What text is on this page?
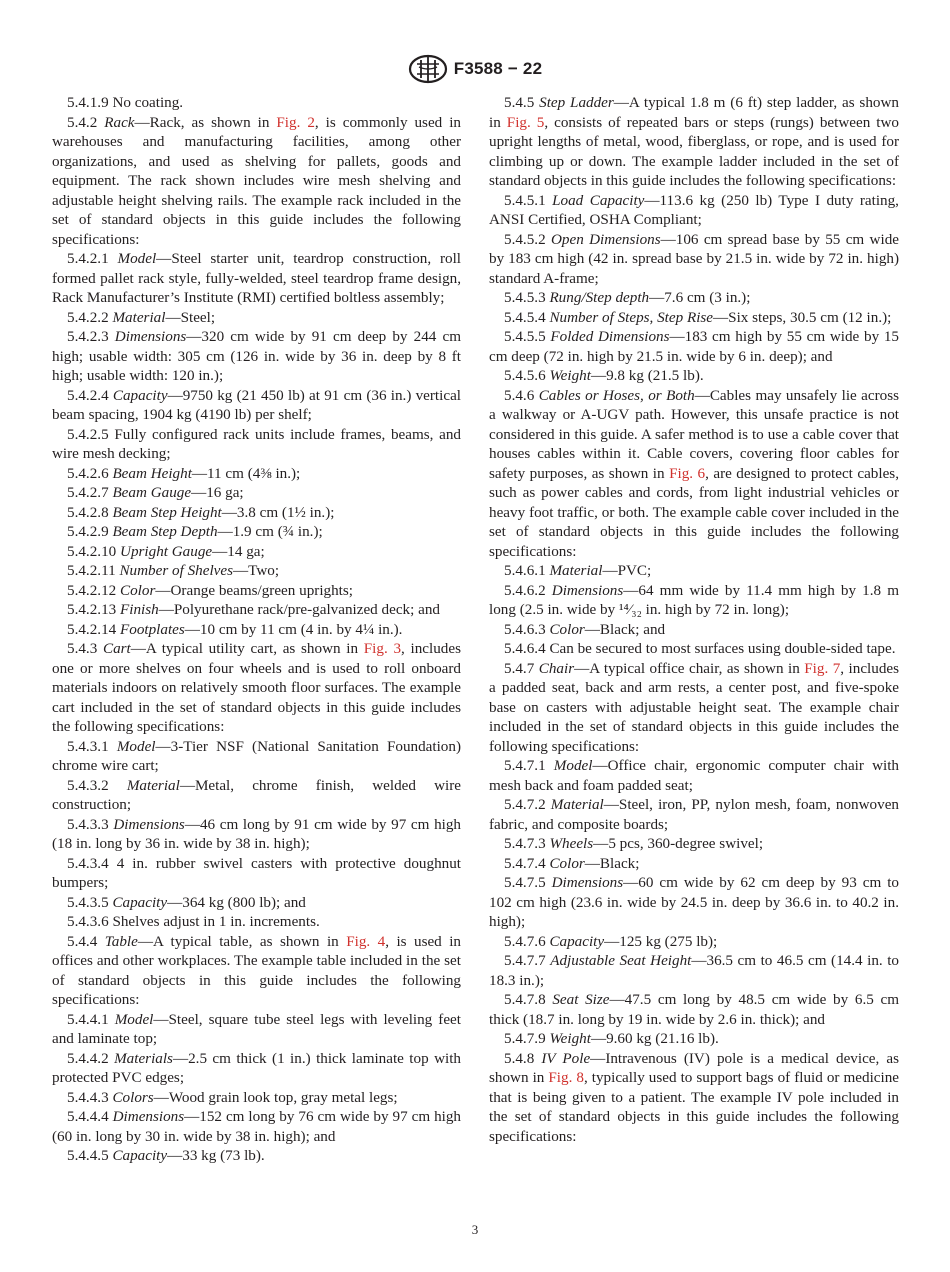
F3588 − 22

5.4.1.9 No coating.

5.4.2 Rack—Rack, as shown in Fig. 2, is commonly used in warehouses and manufacturing facilities, among other organizations, and used as shelving for pallets, goods and equipment. The rack shown includes wire mesh shelving and adjustable height shelving rails. The example rack included in the set of standard objects in this guide includes the following specifications:

5.4.2.1 Model—Steel starter unit, teardrop construction, roll formed pallet rack style, fully-welded, steel teardrop frame design, Rack Manufacturer’s Institute (RMI) certified boltless assembly;

5.4.2.2 Material—Steel;

5.4.2.3 Dimensions—320 cm wide by 91 cm deep by 244 cm high; usable width: 305 cm (126 in. wide by 36 in. deep by 8 ft high; usable width: 120 in.);

5.4.2.4 Capacity—9750 kg (21 450 lb) at 91 cm (36 in.) vertical beam spacing, 1904 kg (4190 lb) per shelf;

5.4.2.5 Fully configured rack units include frames, beams, and wire mesh decking;

5.4.2.6 Beam Height—11 cm (4⅜ in.);

5.4.2.7 Beam Gauge—16 ga;

5.4.2.8 Beam Step Height—3.8 cm (1½ in.);

5.4.2.9 Beam Step Depth—1.9 cm (¾ in.);

5.4.2.10 Upright Gauge—14 ga;

5.4.2.11 Number of Shelves—Two;

5.4.2.12 Color—Orange beams/green uprights;

5.4.2.13 Finish—Polyurethane rack/pre-galvanized deck; and

5.4.2.14 Footplates—10 cm by 11 cm (4 in. by 4¼ in.).

5.4.3 Cart—A typical utility cart, as shown in Fig. 3, includes one or more shelves on four wheels and is used to roll onboard materials indoors on relatively smooth floor surfaces. The example cart included in the set of standard objects in this guide includes the following specifications:

5.4.3.1 Model—3-Tier NSF (National Sanitation Foundation) chrome wire cart;

5.4.3.2 Material—Metal, chrome finish, welded wire construction;

5.4.3.3 Dimensions—46 cm long by 91 cm wide by 97 cm high (18 in. long by 36 in. wide by 38 in. high);

5.4.3.4 4 in. rubber swivel casters with protective doughnut bumpers;

5.4.3.5 Capacity—364 kg (800 lb); and

5.4.3.6 Shelves adjust in 1 in. increments.

5.4.4 Table—A typical table, as shown in Fig. 4, is used in offices and other workplaces. The example table included in the set of standard objects in this guide includes the following specifications:

5.4.4.1 Model—Steel, square tube steel legs with leveling feet and laminate top;

5.4.4.2 Materials—2.5 cm thick (1 in.) thick laminate top with protected PVC edges;

5.4.4.3 Colors—Wood grain look top, gray metal legs;

5.4.4.4 Dimensions—152 cm long by 76 cm wide by 97 cm high (60 in. long by 30 in. wide by 38 in. high); and

5.4.4.5 Capacity—33 kg (73 lb).

5.4.5 Step Ladder—A typical 1.8 m (6 ft) step ladder, as shown in Fig. 5, consists of repeated bars or steps (rungs) between two upright lengths of metal, wood, fiberglass, or rope, and is used for climbing up or down. The example ladder included in the set of standard objects in this guide includes the following specifications:

5.4.5.1 Load Capacity—113.6 kg (250 lb) Type I duty rating, ANSI Certified, OSHA Compliant;

5.4.5.2 Open Dimensions—106 cm spread base by 55 cm wide by 183 cm high (42 in. spread base by 21.5 in. wide by 72 in. high) standard A-frame;

5.4.5.3 Rung/Step depth—7.6 cm (3 in.);

5.4.5.4 Number of Steps, Step Rise—Six steps, 30.5 cm (12 in.);

5.4.5.5 Folded Dimensions—183 cm high by 55 cm wide by 15 cm deep (72 in. high by 21.5 in. wide by 6 in. deep); and

5.4.5.6 Weight—9.8 kg (21.5 lb).

5.4.6 Cables or Hoses, or Both—Cables may unsafely lie across a walkway or A-UGV path. However, this unsafe practice is not considered in this guide. A safer method is to use a cable cover that houses cables within it. Cable covers, covering floor cables for safety purposes, as shown in Fig. 6, are designed to protect cables, such as power cables and cords, from light industrial vehicles or heavy foot traffic, or both. The example cable cover included in the set of standard objects in this guide includes the following specifications:

5.4.6.1 Material—PVC;

5.4.6.2 Dimensions—64 mm wide by 11.4 mm high by 1.8 m long (2.5 in. wide by ¹⁴⁄₃₂ in. high by 72 in. long);

5.4.6.3 Color—Black; and

5.4.6.4 Can be secured to most surfaces using double-sided tape.

5.4.7 Chair—A typical office chair, as shown in Fig. 7, includes a padded seat, back and arm rests, a center post, and five-spoke base on casters with adjustable height seat. The example chair included in the set of standard objects in this guide includes the following specifications:

5.4.7.1 Model—Office chair, ergonomic computer chair with mesh back and foam padded seat;

5.4.7.2 Material—Steel, iron, PP, nylon mesh, foam, nonwoven fabric, and composite boards;

5.4.7.3 Wheels—5 pcs, 360-degree swivel;

5.4.7.4 Color—Black;

5.4.7.5 Dimensions—60 cm wide by 62 cm deep by 93 cm to 102 cm high (23.6 in. wide by 24.5 in. deep by 36.6 in. to 40.2 in. high);

5.4.7.6 Capacity—125 kg (275 lb);

5.4.7.7 Adjustable Seat Height—36.5 cm to 46.5 cm (14.4 in. to 18.3 in.);

5.4.7.8 Seat Size—47.5 cm long by 48.5 cm wide by 6.5 cm thick (18.7 in. long by 19 in. wide by 2.6 in. thick); and

5.4.7.9 Weight—9.60 kg (21.16 lb).

5.4.8 IV Pole—Intravenous (IV) pole is a medical device, as shown in Fig. 8, typically used to support bags of fluid or medicine that is being given to a patient. The example IV pole included in the set of standard objects in this guide includes the following specifications:

3
